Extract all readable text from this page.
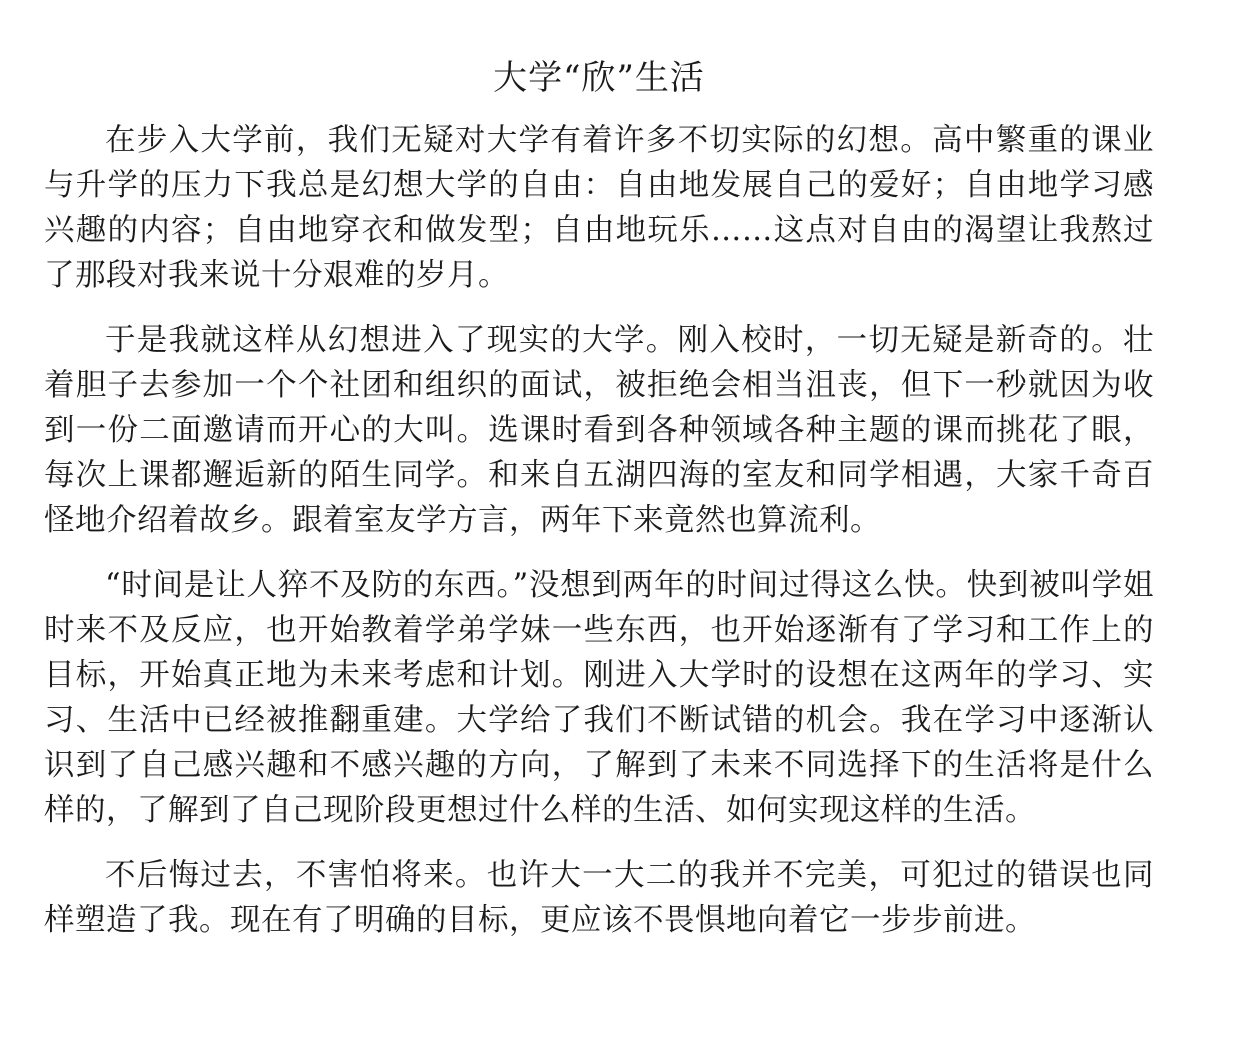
大学“欣”生活

在步入大学前，我们无疑对大学有着许多不切实际的幻想。高中繁重的课业与升学的压力下我总是幻想大学的自由：自由地发展自己的爱好；自由地学习感兴趣的内容；自由地穿衣和做发型；自由地玩乐……这点对自由的渴望让我熬过了那段对我来说十分艰难的岁月。

于是我就这样从幻想进入了现实的大学。刚入校时，一切无疑是新奇的。壮着胆子去参加一个个社团和组织的面试，被拒绝会相当沮丧，但下一秒就因为收到一份二面邀请而开心的大叫。选课时看到各种领域各种主题的课而挑花了眼，每次上课都邂逅新的陌生同学。和来自五湖四海的室友和同学相遇，大家千奇百怪地介绍着故乡。跟着室友学方言，两年下来竟然也算流利。

“时间是让人猝不及防的东西。”没想到两年的时间过得这么快。快到被叫学姐时来不及反应，也开始教着学弟学妹一些东西，也开始逐渐有了学习和工作上的目标，开始真正地为未来考虑和计划。刚进入大学时的设想在这两年的学习、实习、生活中已经被推翻重建。大学给了我们不断试错的机会。我在学习中逐渐认识到了自己感兴趣和不感兴趣的方向，了解到了未来不同选择下的生活将是什么样的，了解到了自己现阶段更想过什么样的生活、如何实现这样的生活。

不后悔过去，不害怕将来。也许大一大二的我并不完美，可犯过的错误也同样塑造了我。现在有了明确的目标，更应该不畏惧地向着它一步步前进。
